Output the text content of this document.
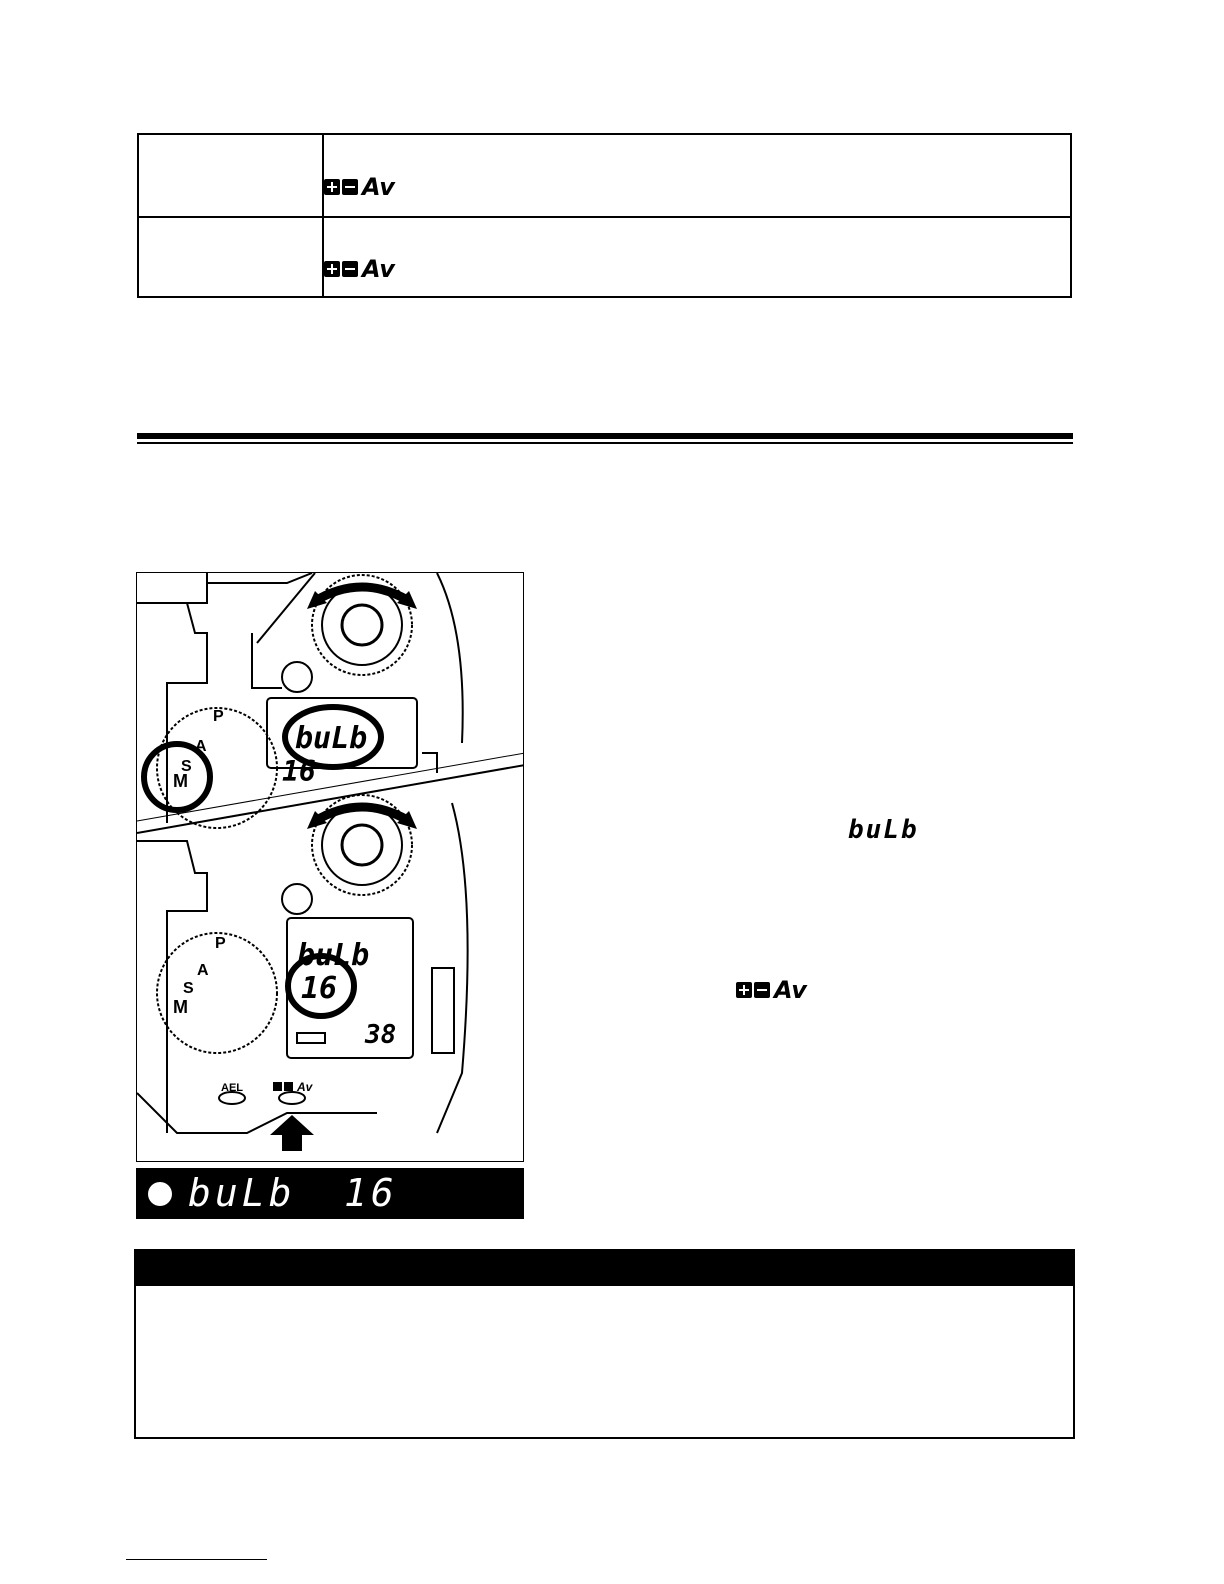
Av
Av
buLb
16
P
A
S
M
buLb
16
38
P
A
S
M
AEL	Av
buLb 16
buLb
Av
